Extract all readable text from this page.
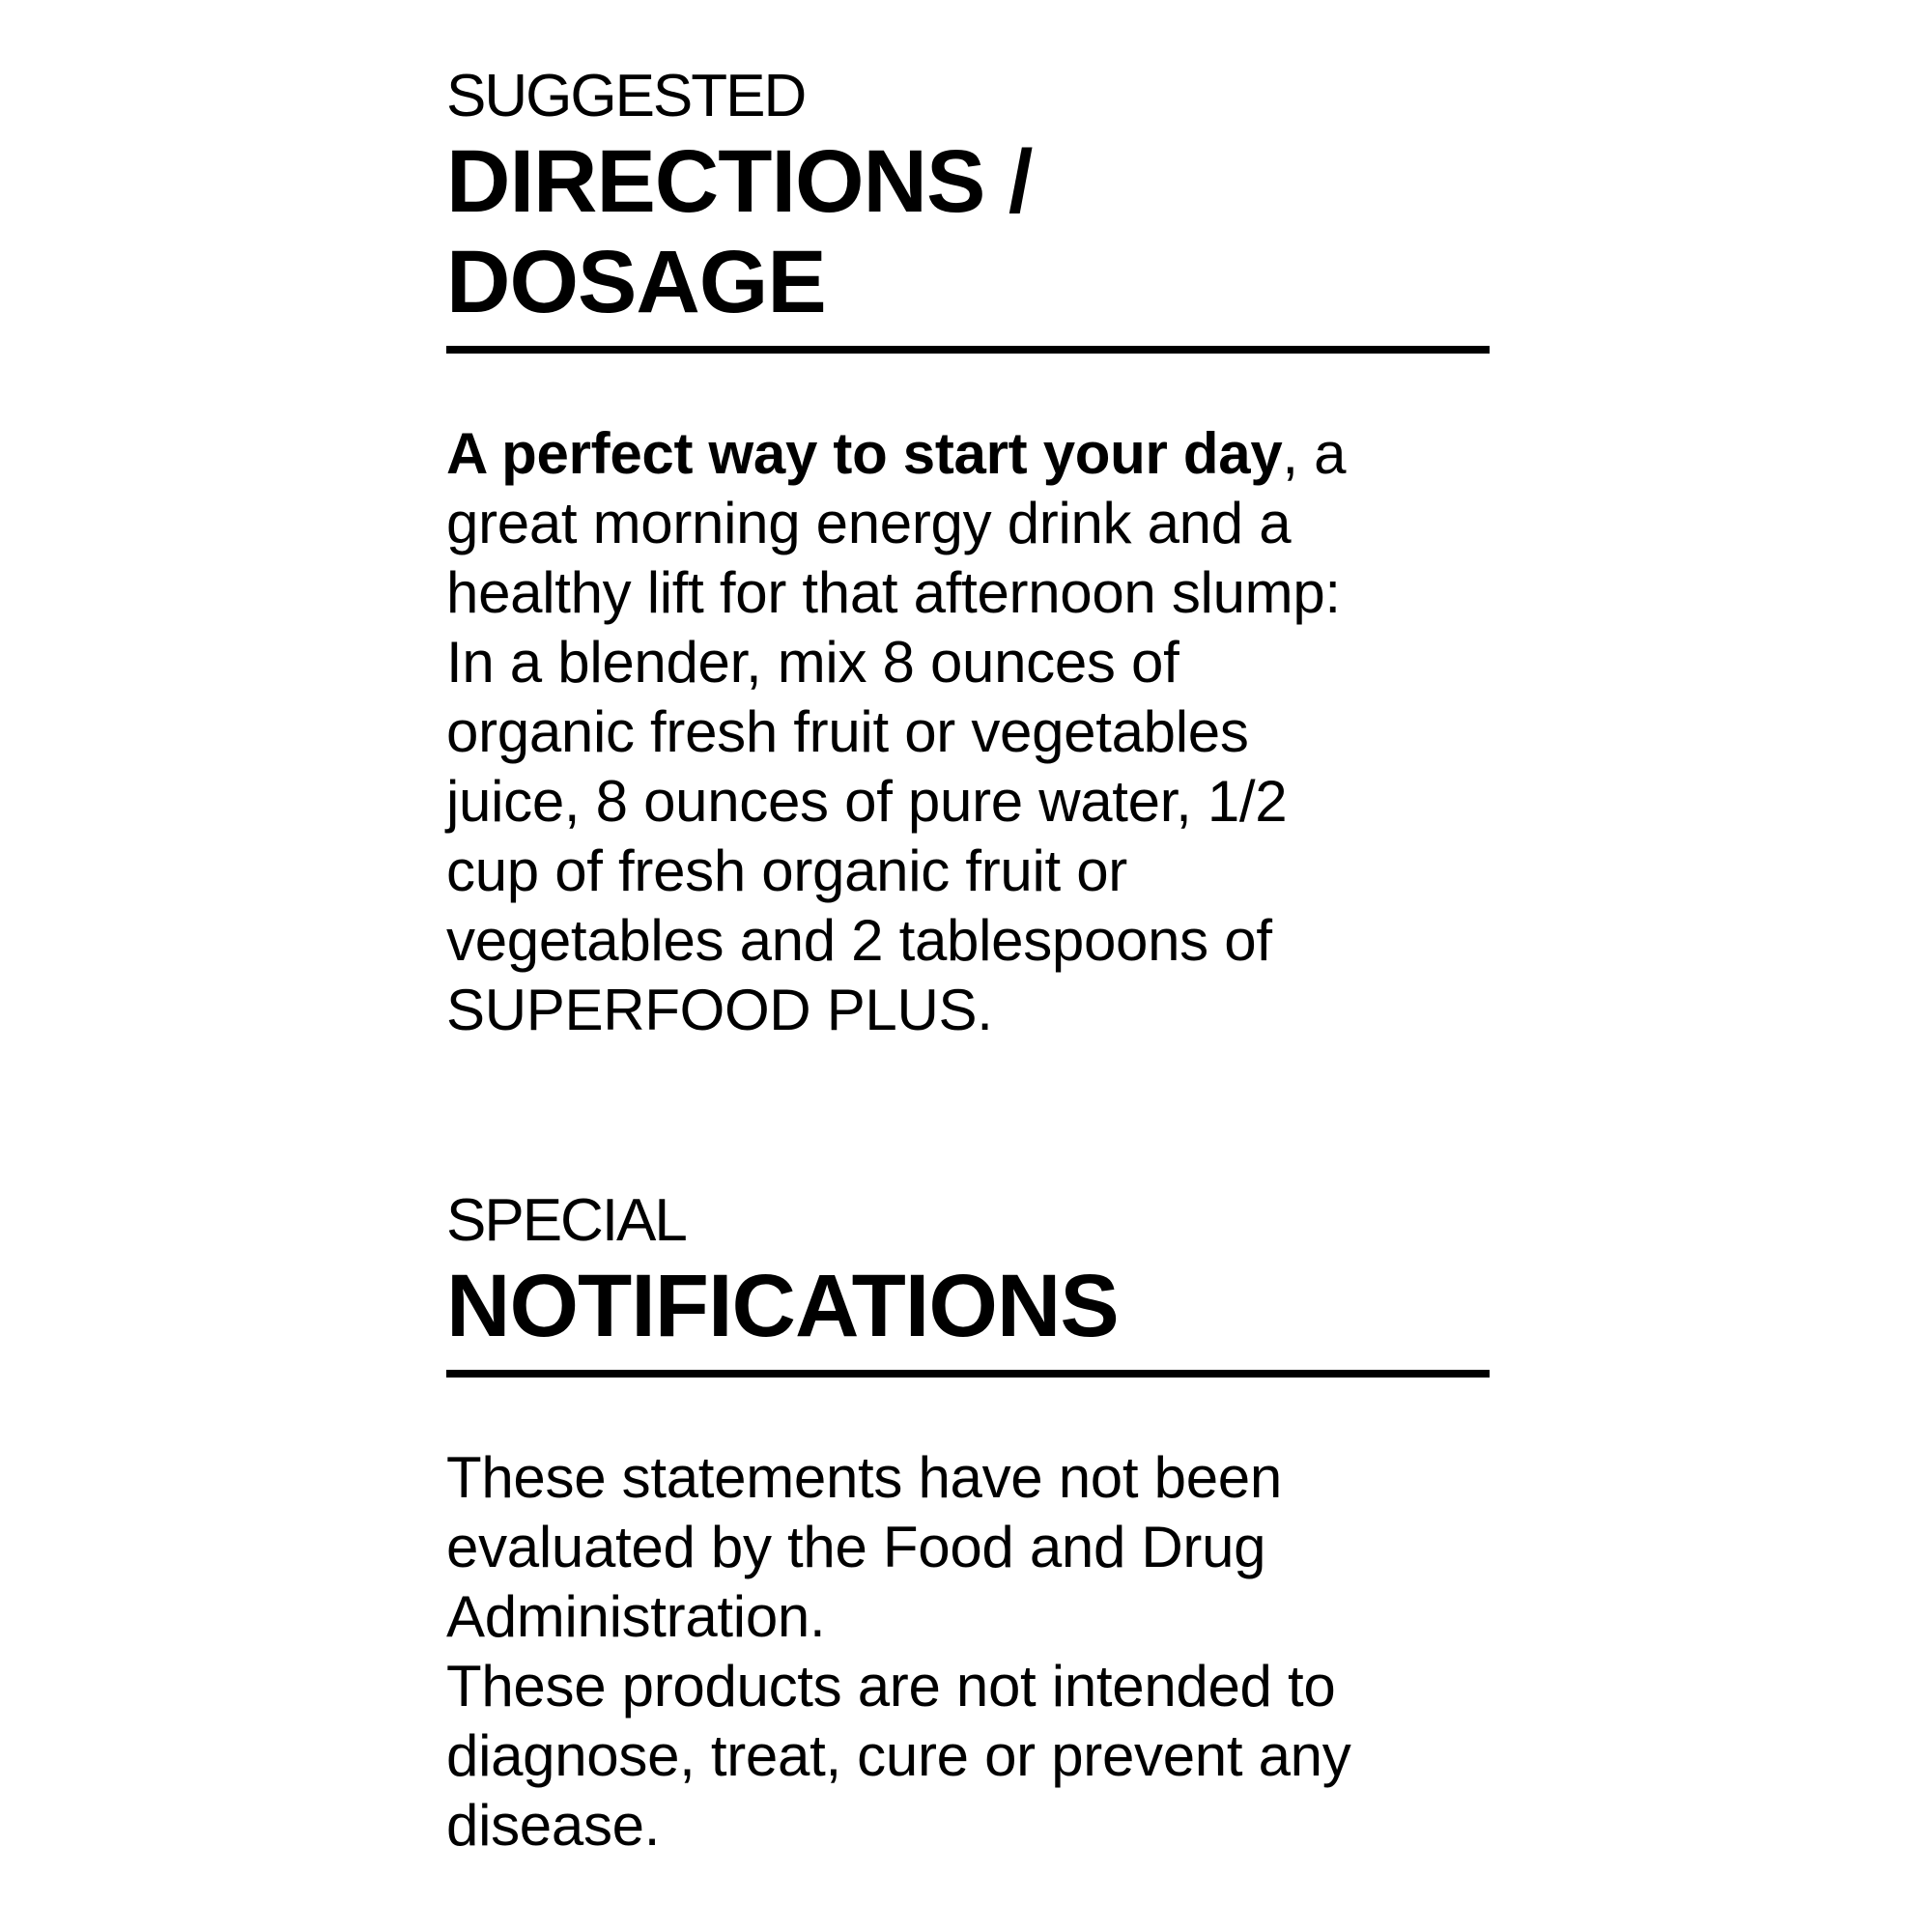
SUGGESTED

DIRECTIONS /
DOSAGE

A perfect way to start your day, a
great morning energy drink and a
healthy lift for that afternoon slump:
In a blender, mix 8 ounces of
organic fresh fruit or vegetables
juice, 8 ounces of pure water, 1/2
cup of fresh organic fruit or
vegetables and 2 tablespoons of
SUPERFOOD PLUS.

SPECIAL

NOTIFICATIONS

These statements have not been
evaluated by the Food and Drug
Administration.
These products are not intended to
diagnose, treat, cure or prevent any
disease.
